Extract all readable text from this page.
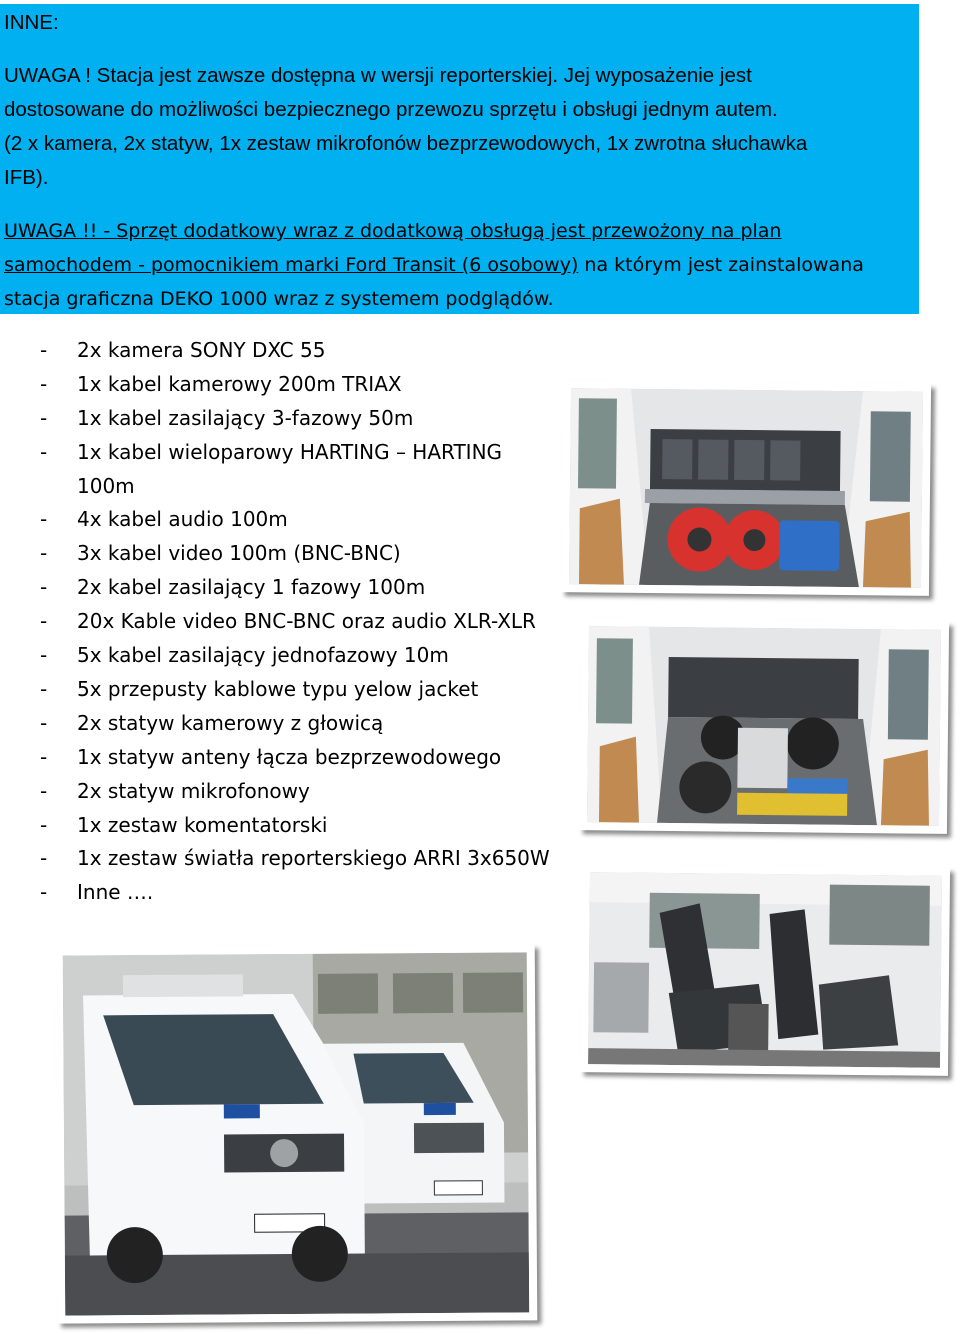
INNE:
UWAGA ! Stacja jest zawsze dostępna w wersji reporterskiej. Jej wyposażenie jest
dostosowane do możliwości bezpiecznego przewozu sprzętu i obsługi jednym autem.
(2 x kamera, 2x statyw, 1x zestaw mikrofonów bezprzewodowych, 1x zwrotna słuchawka
IFB).
UWAGA !! - Sprzęt dodatkowy wraz z dodatkową obsługą jest przewożony na plan
samochodem - pomocnikiem marki Ford Transit (6 osobowy) na którym jest zainstalowana
stacja graficzna DEKO 1000 wraz z systemem podglądów.
- 2x kamera SONY DXC 55
- 1x kabel kamerowy 200m TRIAX
- 1x kabel zasilający 3-fazowy 50m
- 1x kabel wieloparowy HARTING – HARTING
100m
- 4x kabel audio 100m
- 3x kabel video 100m (BNC-BNC)
- 2x kabel zasilający 1 fazowy 100m
- 20x Kable video BNC-BNC oraz audio XLR-XLR
- 5x kabel zasilający jednofazowy 10m
- 5x przepusty kablowe typu yelow jacket
- 2x statyw kamerowy z głowicą
- 1x statyw anteny łącza bezprzewodowego
- 2x statyw mikrofonowy
- 1x zestaw komentatorski
- 1x zestaw światła reporterskiego ARRI 3x650W
- Inne ….
